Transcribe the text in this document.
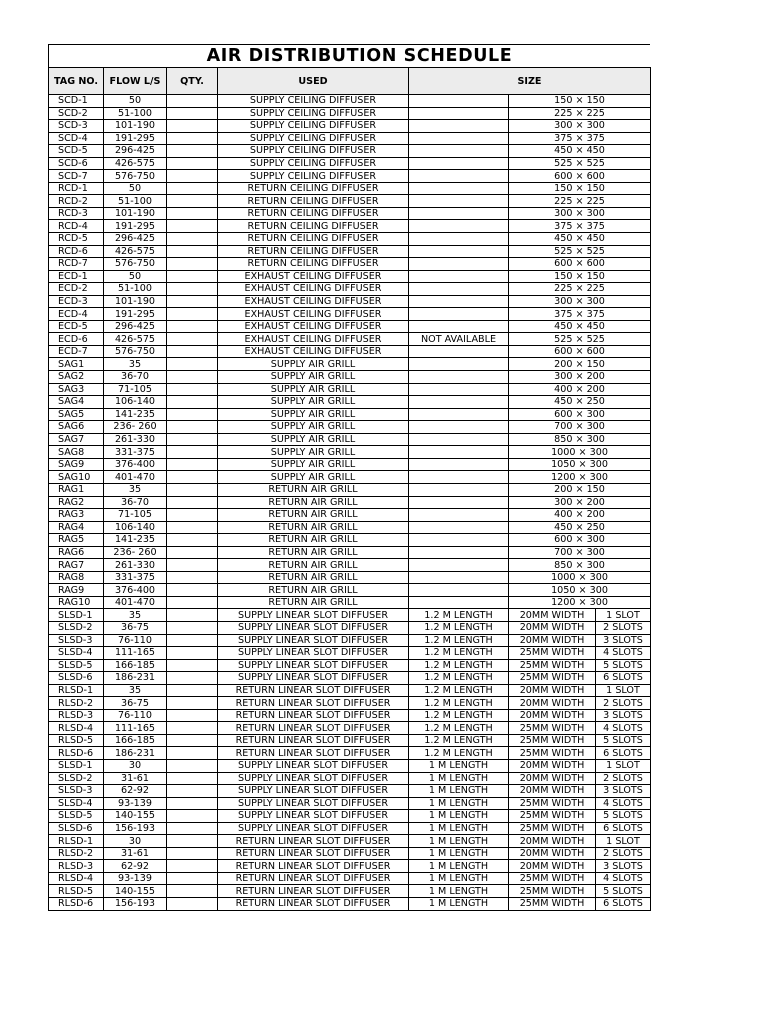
AIR DISTRIBUTION SCHEDULE
TAG NO.	FLOW L/S	QTY.	USED	SIZE		
SCD-1	50		SUPPLY CEILING DIFFUSER		150 × 150	
SCD-2	51-100		SUPPLY CEILING DIFFUSER		225 × 225	
SCD-3	101-190		SUPPLY CEILING DIFFUSER		300 × 300	
SCD-4	191-295		SUPPLY CEILING DIFFUSER		375 × 375	
SCD-5	296-425		SUPPLY CEILING DIFFUSER		450 × 450	
SCD-6	426-575		SUPPLY CEILING DIFFUSER		525 × 525	
SCD-7	576-750		SUPPLY CEILING DIFFUSER		600 × 600	
RCD-1	50		RETURN CEILING DIFFUSER		150 × 150	
RCD-2	51-100		RETURN CEILING DIFFUSER		225 × 225	
RCD-3	101-190		RETURN CEILING DIFFUSER		300 × 300	
RCD-4	191-295		RETURN CEILING DIFFUSER		375 × 375	
RCD-5	296-425		RETURN CEILING DIFFUSER		450 × 450	
RCD-6	426-575		RETURN CEILING DIFFUSER		525 × 525	
RCD-7	576-750		RETURN CEILING DIFFUSER		600 × 600	
ECD-1	50		EXHAUST CEILING DIFFUSER		150 × 150	
ECD-2	51-100		EXHAUST CEILING DIFFUSER		225 × 225	
ECD-3	101-190		EXHAUST CEILING DIFFUSER		300 × 300	
ECD-4	191-295		EXHAUST CEILING DIFFUSER		375 × 375	
ECD-5	296-425		EXHAUST CEILING DIFFUSER		450 × 450	
ECD-6	426-575		EXHAUST CEILING DIFFUSER	NOT AVAILABLE	525 × 525	
ECD-7	576-750		EXHAUST CEILING DIFFUSER		600 × 600	
SAG1	35		SUPPLY AIR GRILL		200 × 150	
SAG2	36-70		SUPPLY AIR GRILL		300 × 200	
SAG3	71-105		SUPPLY AIR GRILL		400 × 200	
SAG4	106-140		SUPPLY AIR GRILL		450 × 250	
SAG5	141-235		SUPPLY AIR GRILL		600 × 300	
SAG6	236- 260		SUPPLY AIR GRILL		700 × 300	
SAG7	261-330		SUPPLY AIR GRILL		850 × 300	
SAG8	331-375		SUPPLY AIR GRILL		1000 × 300	
SAG9	376-400		SUPPLY AIR GRILL		1050 × 300	
SAG10	401-470		SUPPLY AIR GRILL		1200 × 300	
RAG1	35		RETURN AIR GRILL		200 × 150	
RAG2	36-70		RETURN AIR GRILL		300 × 200	
RAG3	71-105		RETURN AIR GRILL		400 × 200	
RAG4	106-140		RETURN AIR GRILL		450 × 250	
RAG5	141-235		RETURN AIR GRILL		600 × 300	
RAG6	236- 260		RETURN AIR GRILL		700 × 300	
RAG7	261-330		RETURN AIR GRILL		850 × 300	
RAG8	331-375		RETURN AIR GRILL		1000 × 300	
RAG9	376-400		RETURN AIR GRILL		1050 × 300	
RAG10	401-470		RETURN AIR GRILL		1200 × 300	
SLSD-1	35		SUPPLY LINEAR SLOT DIFFUSER	1.2 M LENGTH	20MM WIDTH	1 SLOT
SLSD-2	36-75		SUPPLY LINEAR SLOT DIFFUSER	1.2 M LENGTH	20MM WIDTH	2 SLOTS
SLSD-3	76-110		SUPPLY LINEAR SLOT DIFFUSER	1.2 M LENGTH	20MM WIDTH	3 SLOTS
SLSD-4	111-165		SUPPLY LINEAR SLOT DIFFUSER	1.2 M LENGTH	25MM WIDTH	4 SLOTS
SLSD-5	166-185		SUPPLY LINEAR SLOT DIFFUSER	1.2 M LENGTH	25MM WIDTH	5 SLOTS
SLSD-6	186-231		SUPPLY LINEAR SLOT DIFFUSER	1.2 M LENGTH	25MM WIDTH	6 SLOTS
RLSD-1	35		RETURN LINEAR SLOT DIFFUSER	1.2 M LENGTH	20MM WIDTH	1 SLOT
RLSD-2	36-75		RETURN LINEAR SLOT DIFFUSER	1.2 M LENGTH	20MM WIDTH	2 SLOTS
RLSD-3	76-110		RETURN LINEAR SLOT DIFFUSER	1.2 M LENGTH	20MM WIDTH	3 SLOTS
RLSD-4	111-165		RETURN LINEAR SLOT DIFFUSER	1.2 M LENGTH	25MM WIDTH	4 SLOTS
RLSD-5	166-185		RETURN LINEAR SLOT DIFFUSER	1.2 M LENGTH	25MM WIDTH	5 SLOTS
RLSD-6	186-231		RETURN LINEAR SLOT DIFFUSER	1.2 M LENGTH	25MM WIDTH	6 SLOTS
SLSD-1	30		SUPPLY LINEAR SLOT DIFFUSER	1 M LENGTH	20MM WIDTH	1 SLOT
SLSD-2	31-61		SUPPLY LINEAR SLOT DIFFUSER	1 M LENGTH	20MM WIDTH	2 SLOTS
SLSD-3	62-92		SUPPLY LINEAR SLOT DIFFUSER	1 M LENGTH	20MM WIDTH	3 SLOTS
SLSD-4	93-139		SUPPLY LINEAR SLOT DIFFUSER	1 M LENGTH	25MM WIDTH	4 SLOTS
SLSD-5	140-155		SUPPLY LINEAR SLOT DIFFUSER	1 M LENGTH	25MM WIDTH	5 SLOTS
SLSD-6	156-193		SUPPLY LINEAR SLOT DIFFUSER	1 M LENGTH	25MM WIDTH	6 SLOTS
RLSD-1	30		RETURN LINEAR SLOT DIFFUSER	1 M LENGTH	20MM WIDTH	1 SLOT
RLSD-2	31-61		RETURN LINEAR SLOT DIFFUSER	1 M LENGTH	20MM WIDTH	2 SLOTS
RLSD-3	62-92		RETURN LINEAR SLOT DIFFUSER	1 M LENGTH	20MM WIDTH	3 SLOTS
RLSD-4	93-139		RETURN LINEAR SLOT DIFFUSER	1 M LENGTH	25MM WIDTH	4 SLOTS
RLSD-5	140-155		RETURN LINEAR SLOT DIFFUSER	1 M LENGTH	25MM WIDTH	5 SLOTS
RLSD-6	156-193		RETURN LINEAR SLOT DIFFUSER	1 M LENGTH	25MM WIDTH	6 SLOTS
